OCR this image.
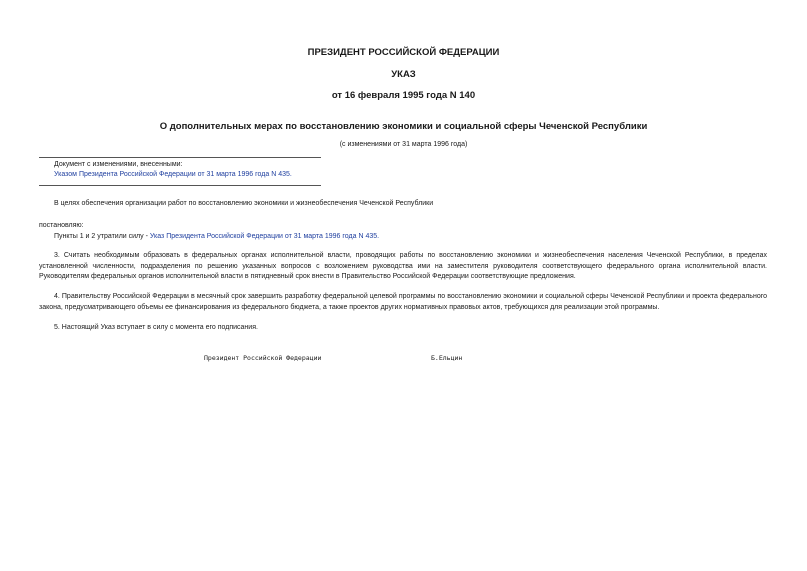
ПРЕЗИДЕНТ РОССИЙСКОЙ ФЕДЕРАЦИИ
УКАЗ
от 16 февраля 1995 года N 140
О дополнительных мерах по восстановлению экономики и социальной сферы Чеченской Республики
(с изменениями от 31 марта 1996 года)
Документ с изменениями, внесенными:
Указом Президента Российской Федерации от 31 марта 1996 года N 435.
В целях обеспечения организации работ по восстановлению экономики и жизнеобеспечения Чеченской Республики
постановляю:
Пункты 1 и 2 утратили силу - Указ Президента Российской Федерации от 31 марта 1996 года N 435.
3. Считать необходимым образовать в федеральных органах исполнительной власти, проводящих работы по восстановлению экономики и жизнеобеспечения населения Чеченской Республики, в пределах установленной численности, подразделения по решению указанных вопросов с возложением руководства ими на заместителя руководителя соответствующего федерального органа исполнительной власти. Руководителям федеральных органов исполнительной власти в пятидневный срок внести в Правительство Российской Федерации соответствующие предложения.
4. Правительству Российской Федерации в месячный срок завершить разработку федеральной целевой программы по восстановлению экономики и социальной сферы Чеченской Республики и проекта федерального закона, предусматривающего объемы ее финансирования из федерального бюджета, а также проектов других нормативных правовых актов, требующихся для реализации этой программы.
5. Настоящий Указ вступает в силу с момента его подписания.
Президент Российской Федерации	Б.Ельцин
